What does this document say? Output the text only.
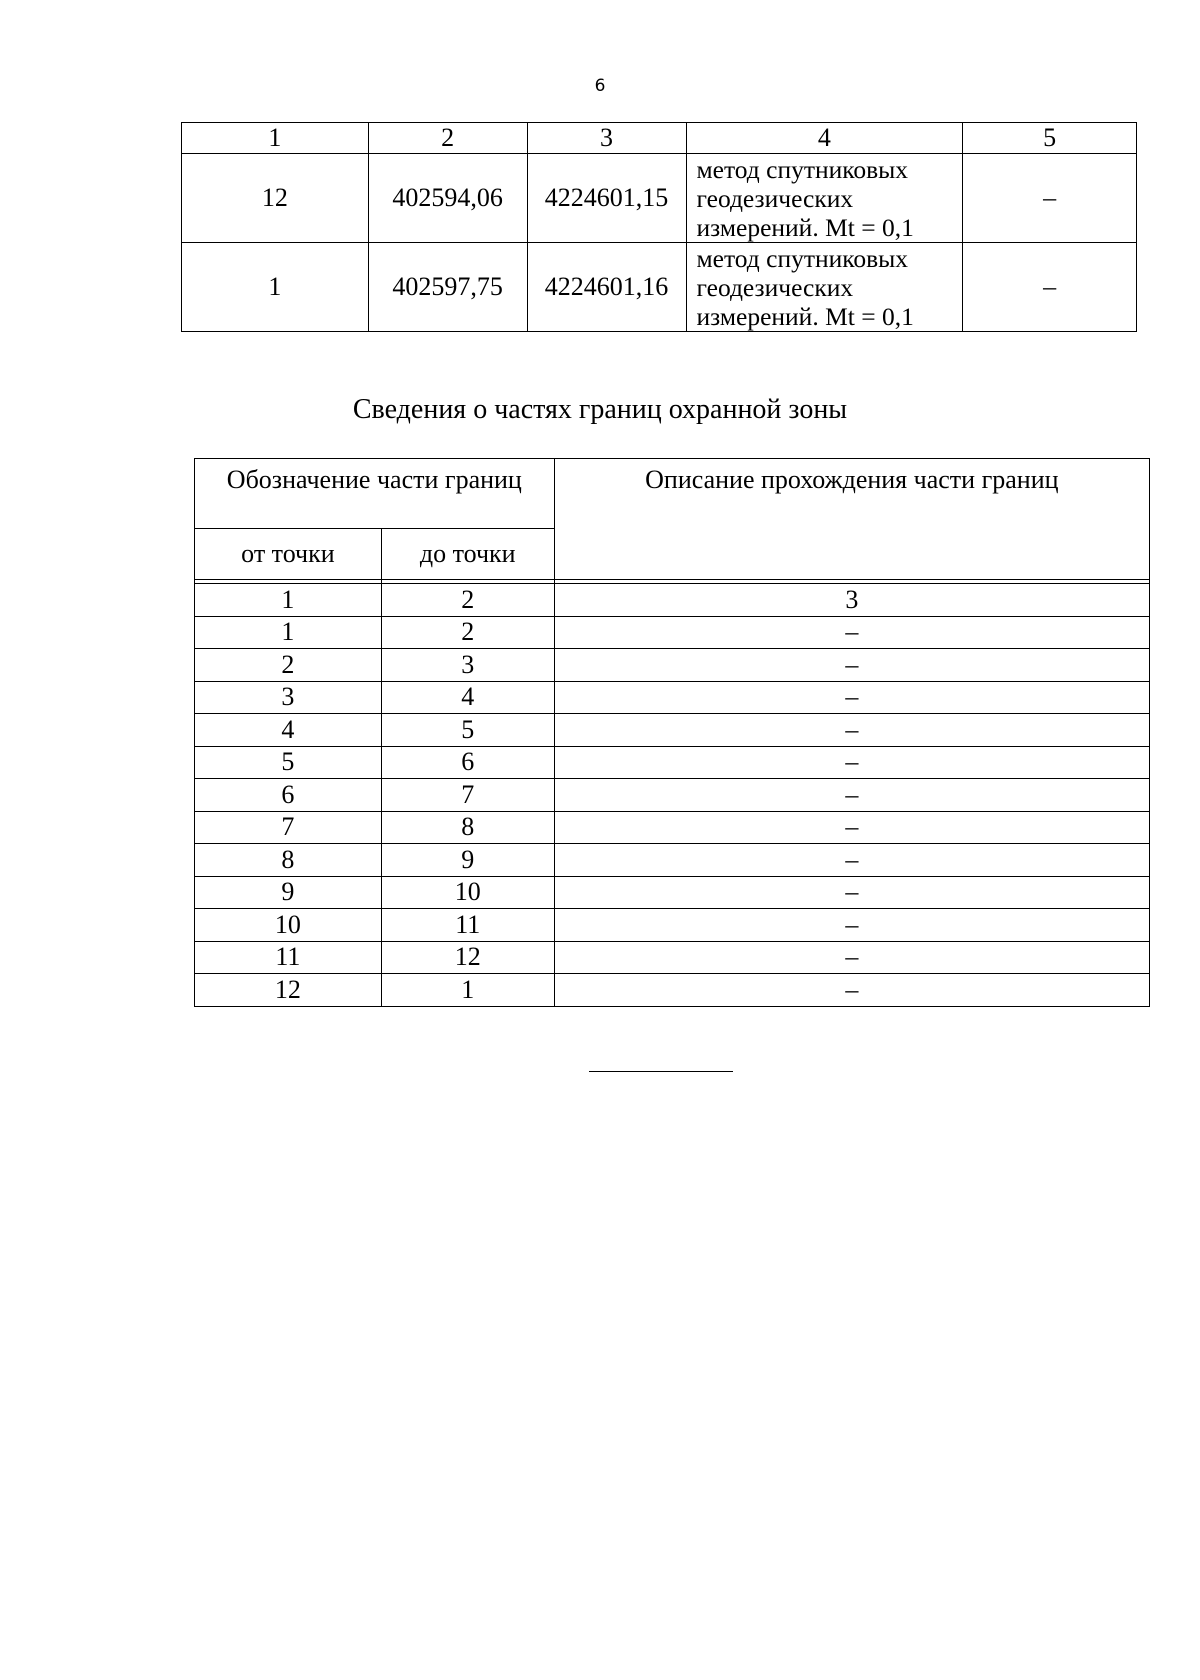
6
1	2	3	4	5
12	402594,06	4224601,15	метод спутниковых
геодезических
измерений. Mt = 0,1	–
1	402597,75	4224601,16	метод спутниковых
геодезических
измерений. Mt = 0,1	–
Сведения о частях границ охранной зоны
Обозначение части границ		Описание прохождения части границ
от точки	до точки	

1	2	3
1	2	–
2	3	–
3	4	–
4	5	–
5	6	–
6	7	–
7	8	–
8	9	–
9	10	–
10	11	–
11	12	–
12	1	–
